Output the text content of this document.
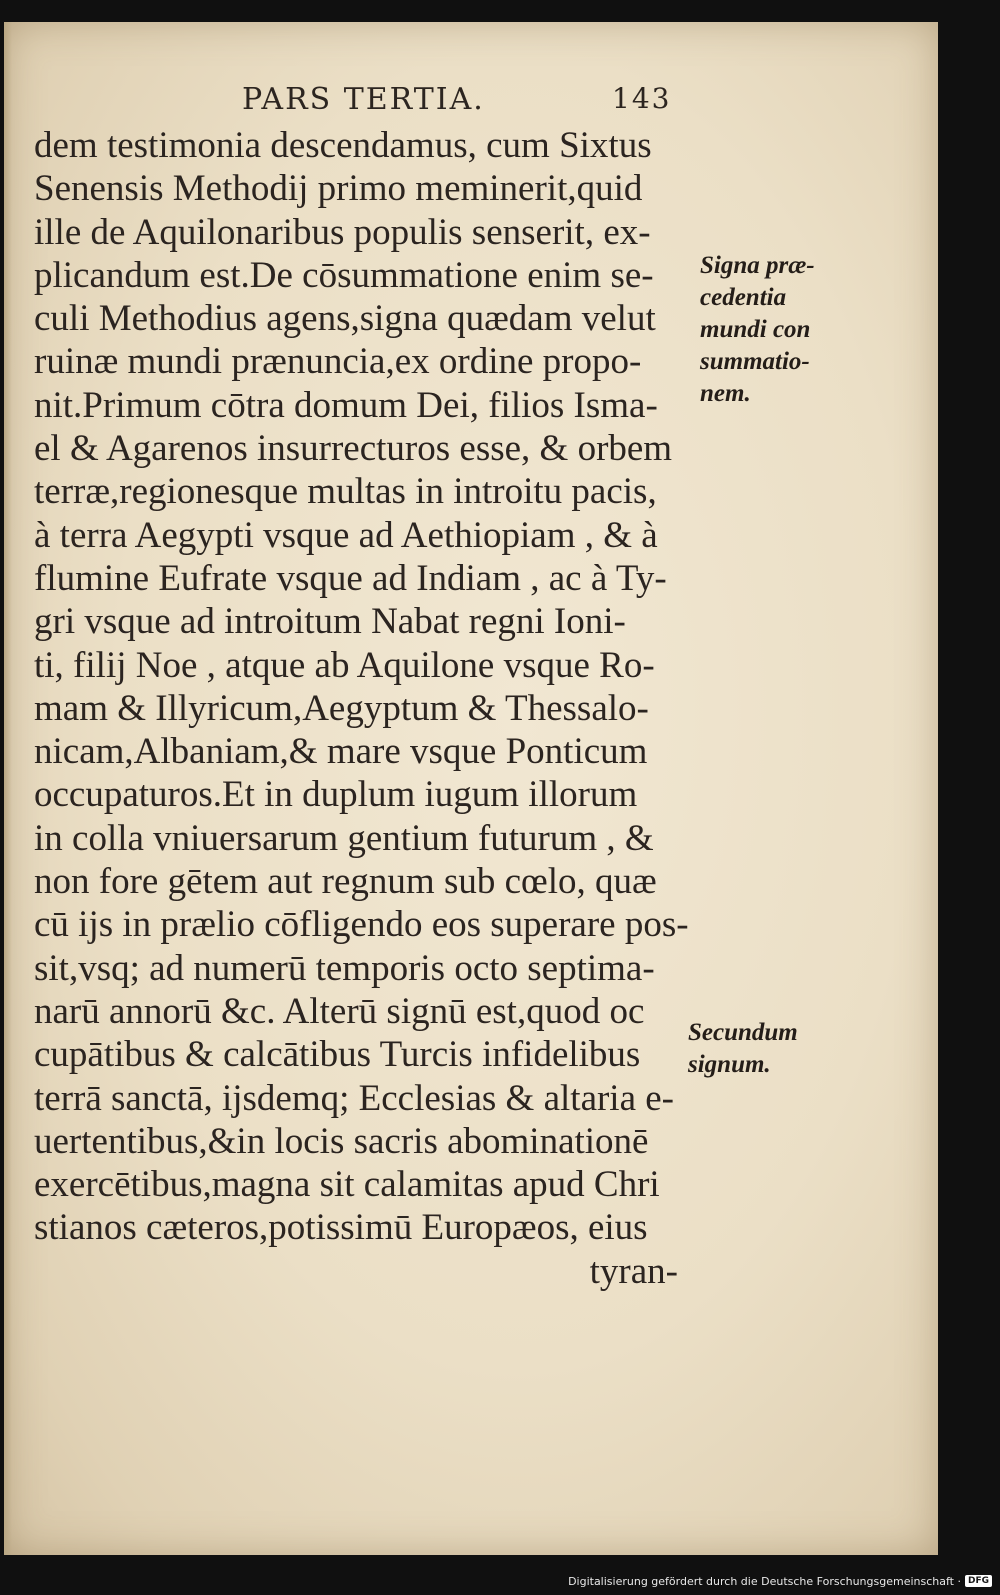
PARS TERTIA.	143
dem testimonia descendamus, cum Sixtus
Senensis Methodij primo meminerit,quid
ille de Aquilonaribus populis senserit, ex-
plicandum est.De cōsummatione enim se-
culi Methodius agens,signa quædam velut
ruinæ mundi prænuncia,ex ordine propo-
nit.Primum cōtra domum Dei, filios Isma-
el & Agarenos insurrecturos esse, & orbem
terræ,regionesque multas in introitu pacis,
à terra Aegypti vsque ad Aethiopiam , & à
flumine Eufrate vsque ad Indiam , ac à Ty-
gri vsque ad introitum Nabat regni Ioni-
ti, filij Noe , atque ab Aquilone vsque Ro-
mam & Illyricum,Aegyptum & Thessalo-
nicam,Albaniam,& mare vsque Ponticum
occupaturos.Et in duplum iugum illorum
in colla vniuersarum gentium futurum , &
non fore gētem aut regnum sub cœlo, quæ
cū ijs in prælio cōfligendo eos superare pos-
sit,vsq; ad numerū temporis octo septima-
narū annorū &c. Alterū signū est,quod oc
cupātibus & calcātibus Turcis infidelibus
terrā sanctā, ijsdemq; Ecclesias & altaria e-
uertentibus,&in locis sacris abominationē
exercētibus,magna sit calamitas apud Chri
stianos cæteros,potissimū Europæos, eius
tyran-
Signa præ-
cedentia
mundi con
summatio-
nem.
Secundum
signum.
Digitalisierung gefördert durch die Deutsche Forschungsgemeinschaft · DFG
